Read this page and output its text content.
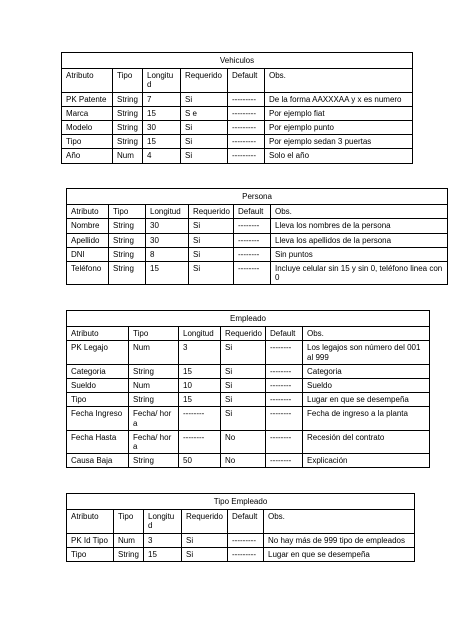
Vehiculos					
Atributo	Tipo	Longitud	Requerido	Default	Obs.
PK Patente	String	7	Si	---------	De la forma AAXXXAA y x es numero
Marca	String	15	S e	---------	Por ejemplo fiat
Modelo	String	30	Si	---------	Por ejemplo punto
Tipo	String	15	Si	---------	Por ejemplo sedan 3 puertas
Año	Num	4	Si	---------	Solo el año
Persona					
Atributo	Tipo	Longitud	Requerido	Default	Obs.
Nombre	String	30	Si	--------	Lleva los nombres de la persona
Apellido	String	30	Si	--------	Lleva los apellidos de la persona
DNI	String	8	Si	--------	Sin puntos
Teléfono	String	15	Si	--------	Incluye celular sin 15 y sin 0, teléfono linea con 0
Empleado					
Atributo	Tipo	Longitud	Requerido	Default	Obs.
PK Legajo	Num	3	Si	--------	Los legajos son número del 001 al 999
Categoria	String	15	Si	--------	Categoria
Sueldo	Num	10	Si	--------	Sueldo
Tipo	String	15	Si	--------	Lugar en que se desempeña
Fecha Ingreso	Fecha/ hora	--------	Si	--------	Fecha de ingreso a la planta
Fecha Hasta	Fecha/ hora	--------	No	--------	Recesión del contrato
Causa Baja	String	50	No	--------	Explicación
Tipo Empleado					
Atributo	Tipo	Longitud	Requerido	Default	Obs.
PK Id Tipo	Num	3	Si	---------	No hay más de 999 tipo de empleados
Tipo	String	15	Si	---------	Lugar en que se desempeña
